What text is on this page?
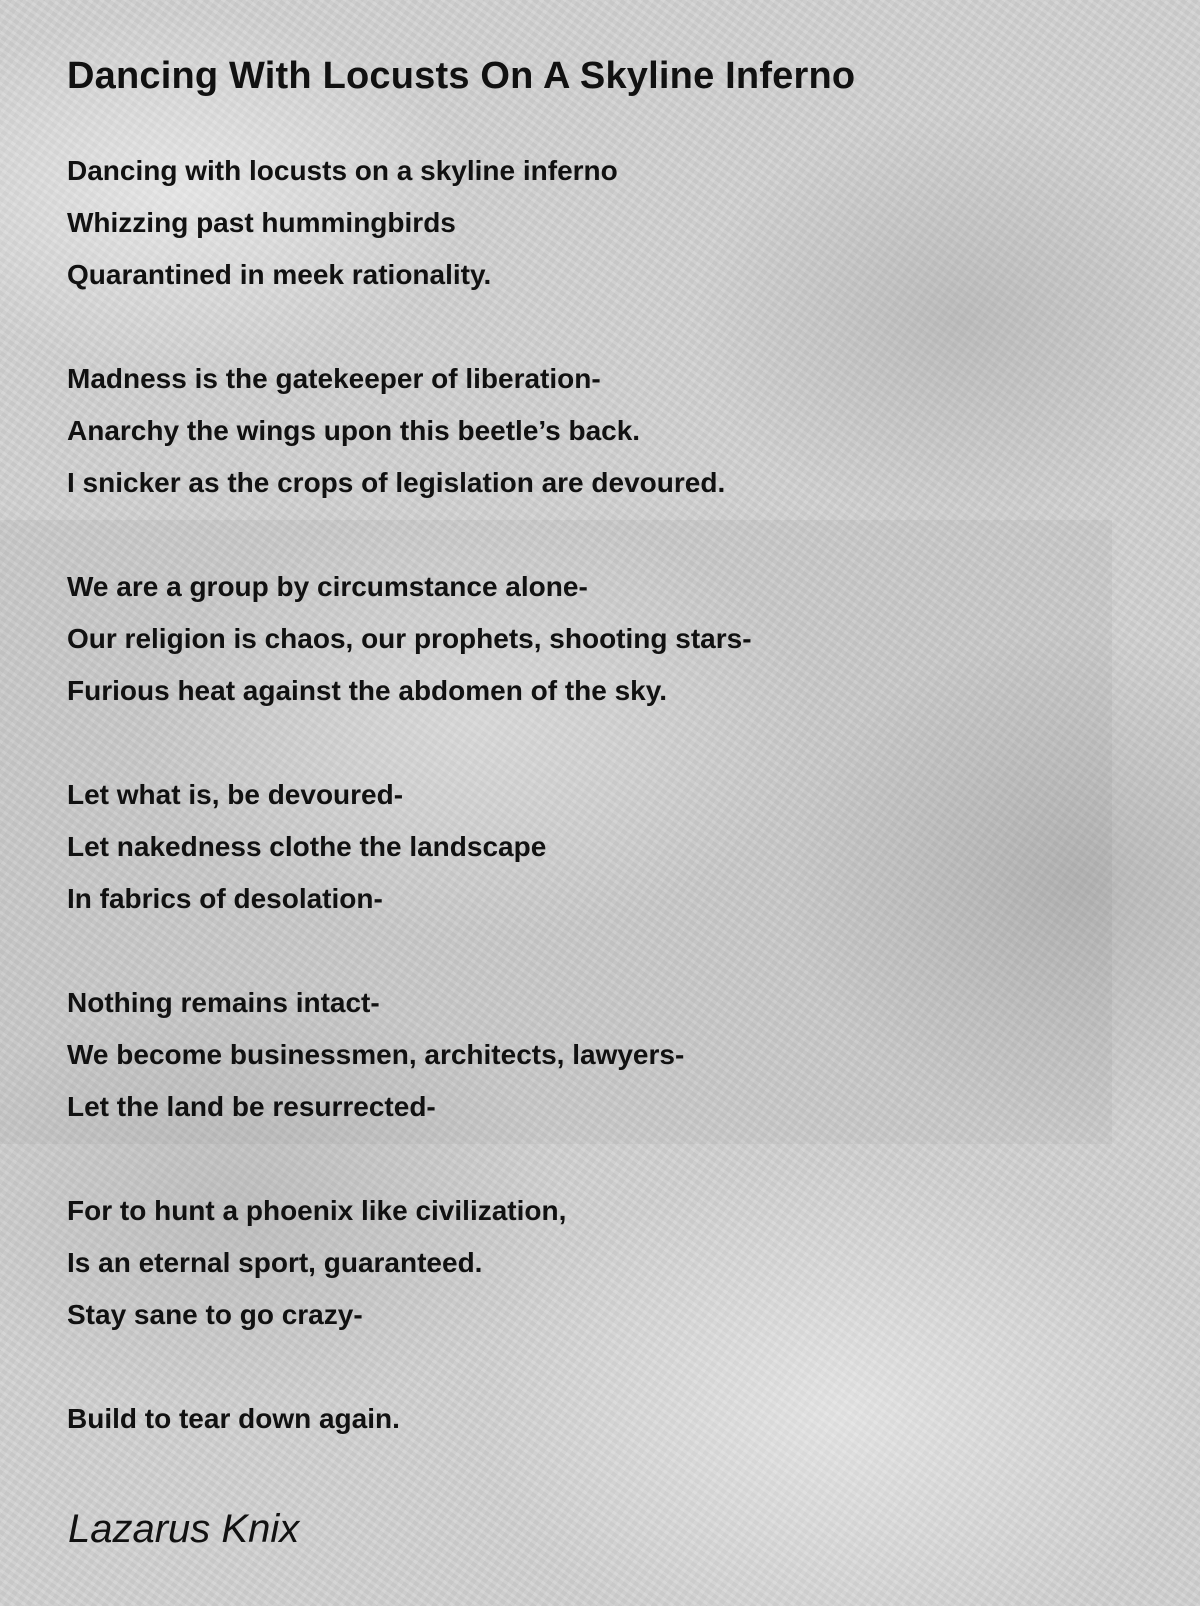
Dancing With Locusts On A Skyline Inferno
Dancing with locusts on a skyline inferno
Whizzing past hummingbirds
Quarantined in meek rationality.
Madness is the gatekeeper of liberation-
Anarchy the wings upon this beetle’s back.
I snicker as the crops of legislation are devoured.
We are a group by circumstance alone-
Our religion is chaos, our prophets, shooting stars-
Furious heat against the abdomen of the sky.
Let what is, be devoured-
Let nakedness clothe the landscape
In fabrics of desolation-
Nothing remains intact-
We become businessmen, architects, lawyers-
Let the land be resurrected-
For to hunt a phoenix like civilization,
Is an eternal sport, guaranteed.
Stay sane to go crazy-
Build to tear down again.
Lazarus Knix
